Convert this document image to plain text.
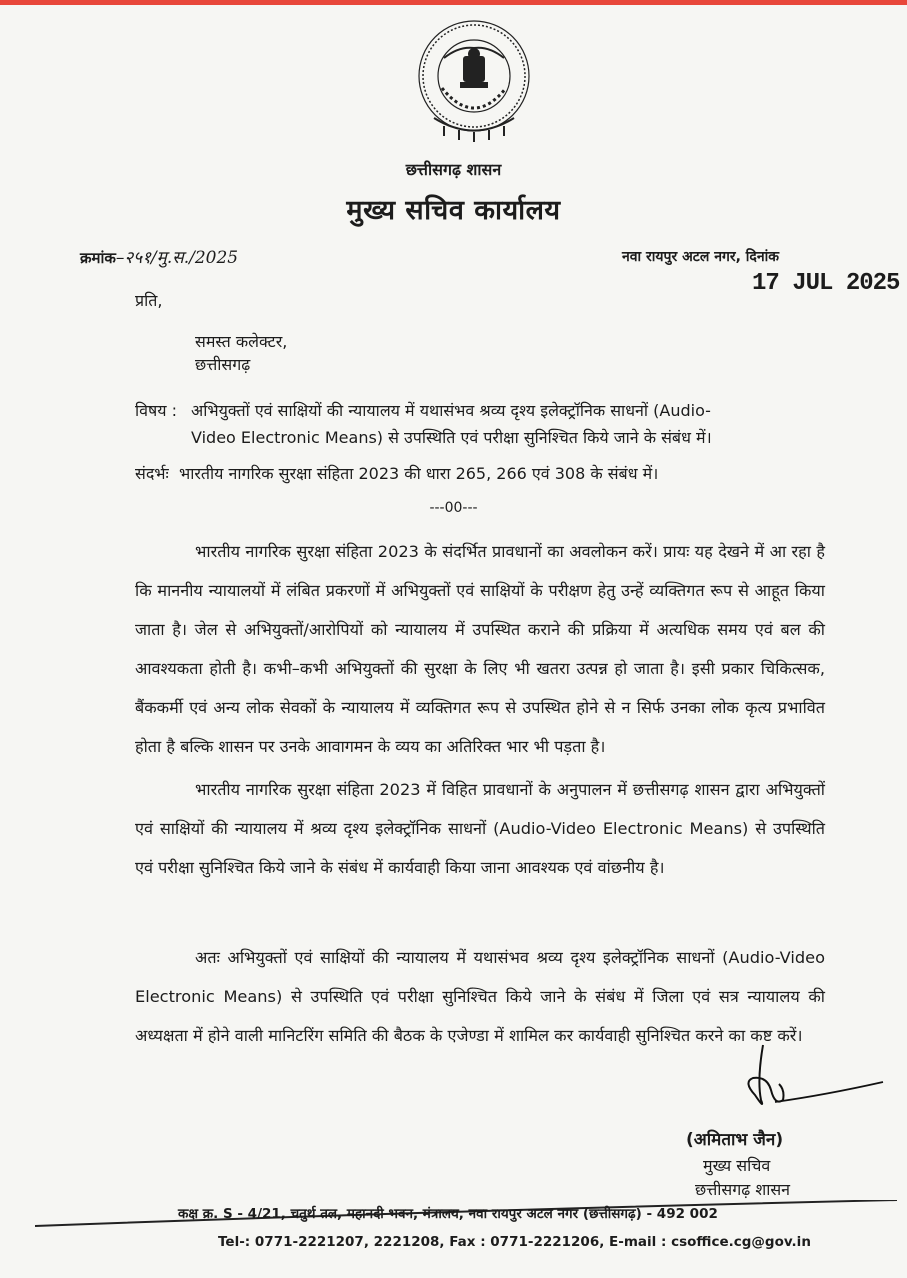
छत्तीसगढ़ शासन
मुख्य सचिव कार्यालय
क्रमांक–२५१/मु.स./2025	नवा रायपुर अटल नगर, दिनांक
17 JUL 2025
प्रति,
समस्त कलेक्टर,
छत्तीसगढ़
विषय : अभियुक्तों एवं साक्षियों की न्यायालय में यथासंभव श्रव्य दृश्य इलेक्ट्रॉनिक साधनों (Audio-
Video Electronic Means) से उपस्थिति एवं परीक्षा सुनिश्चित किये जाने के संबंध में।
संदर्भः भारतीय नागरिक सुरक्षा संहिता 2023 की धारा 265, 266 एवं 308 के संबंध में।
---00---

भारतीय नागरिक सुरक्षा संहिता 2023 के संदर्भित प्रावधानों का अवलोकन करें। प्रायः यह देखने में आ रहा है कि माननीय न्यायालयों में लंबित प्रकरणों में अभियुक्तों एवं साक्षियों के परीक्षण हेतु उन्हें व्यक्तिगत रूप से आहूत किया जाता है। जेल से अभियुक्तों/आरोपियों को न्यायालय में उपस्थित कराने की प्रक्रिया में अत्यधिक समय एवं बल की आवश्यकता होती है। कभी–कभी अभियुक्तों की सुरक्षा के लिए भी खतरा उत्पन्न हो जाता है। इसी प्रकार चिकित्सक, बैंककर्मी एवं अन्य लोक सेवकों के न्यायालय में व्यक्तिगत रूप से उपस्थित होने से न सिर्फ उनका लोक कृत्य प्रभावित होता है बल्कि शासन पर उनके आवागमन के व्यय का अतिरिक्त भार भी पड़ता है।

भारतीय नागरिक सुरक्षा संहिता 2023 में विहित प्रावधानों के अनुपालन में छत्तीसगढ़ शासन द्वारा अभियुक्तों एवं साक्षियों की न्यायालय में श्रव्य दृश्य इलेक्ट्रॉनिक साधनों (Audio-Video Electronic Means) से उपस्थिति एवं परीक्षा सुनिश्चित किये जाने के संबंध में कार्यवाही किया जाना आवश्यक एवं वांछनीय है।

अतः अभियुक्तों एवं साक्षियों की न्यायालय में यथासंभव श्रव्य दृश्य इलेक्ट्रॉनिक साधनों (Audio-Video Electronic Means) से उपस्थिति एवं परीक्षा सुनिश्चित किये जाने के संबंध में जिला एवं सत्र न्यायालय की अध्यक्षता में होने वाली मानिटरिंग समिति की बैठक के एजेण्डा में शामिल कर कार्यवाही सुनिश्चित करने का कष्ट करें।

(अमिताभ जैन)
मुख्य सचिव
छत्तीसगढ़ शासन
कक्ष क्र. S - 4/21, चतुर्थ तल, महानदी भवन, मंत्रालय, नवा रायपुर अटल नगर (छत्तीसगढ़) - 492 002
Tel-: 0771-2221207, 2221208, Fax : 0771-2221206, E-mail : csoffice.cg@gov.in
